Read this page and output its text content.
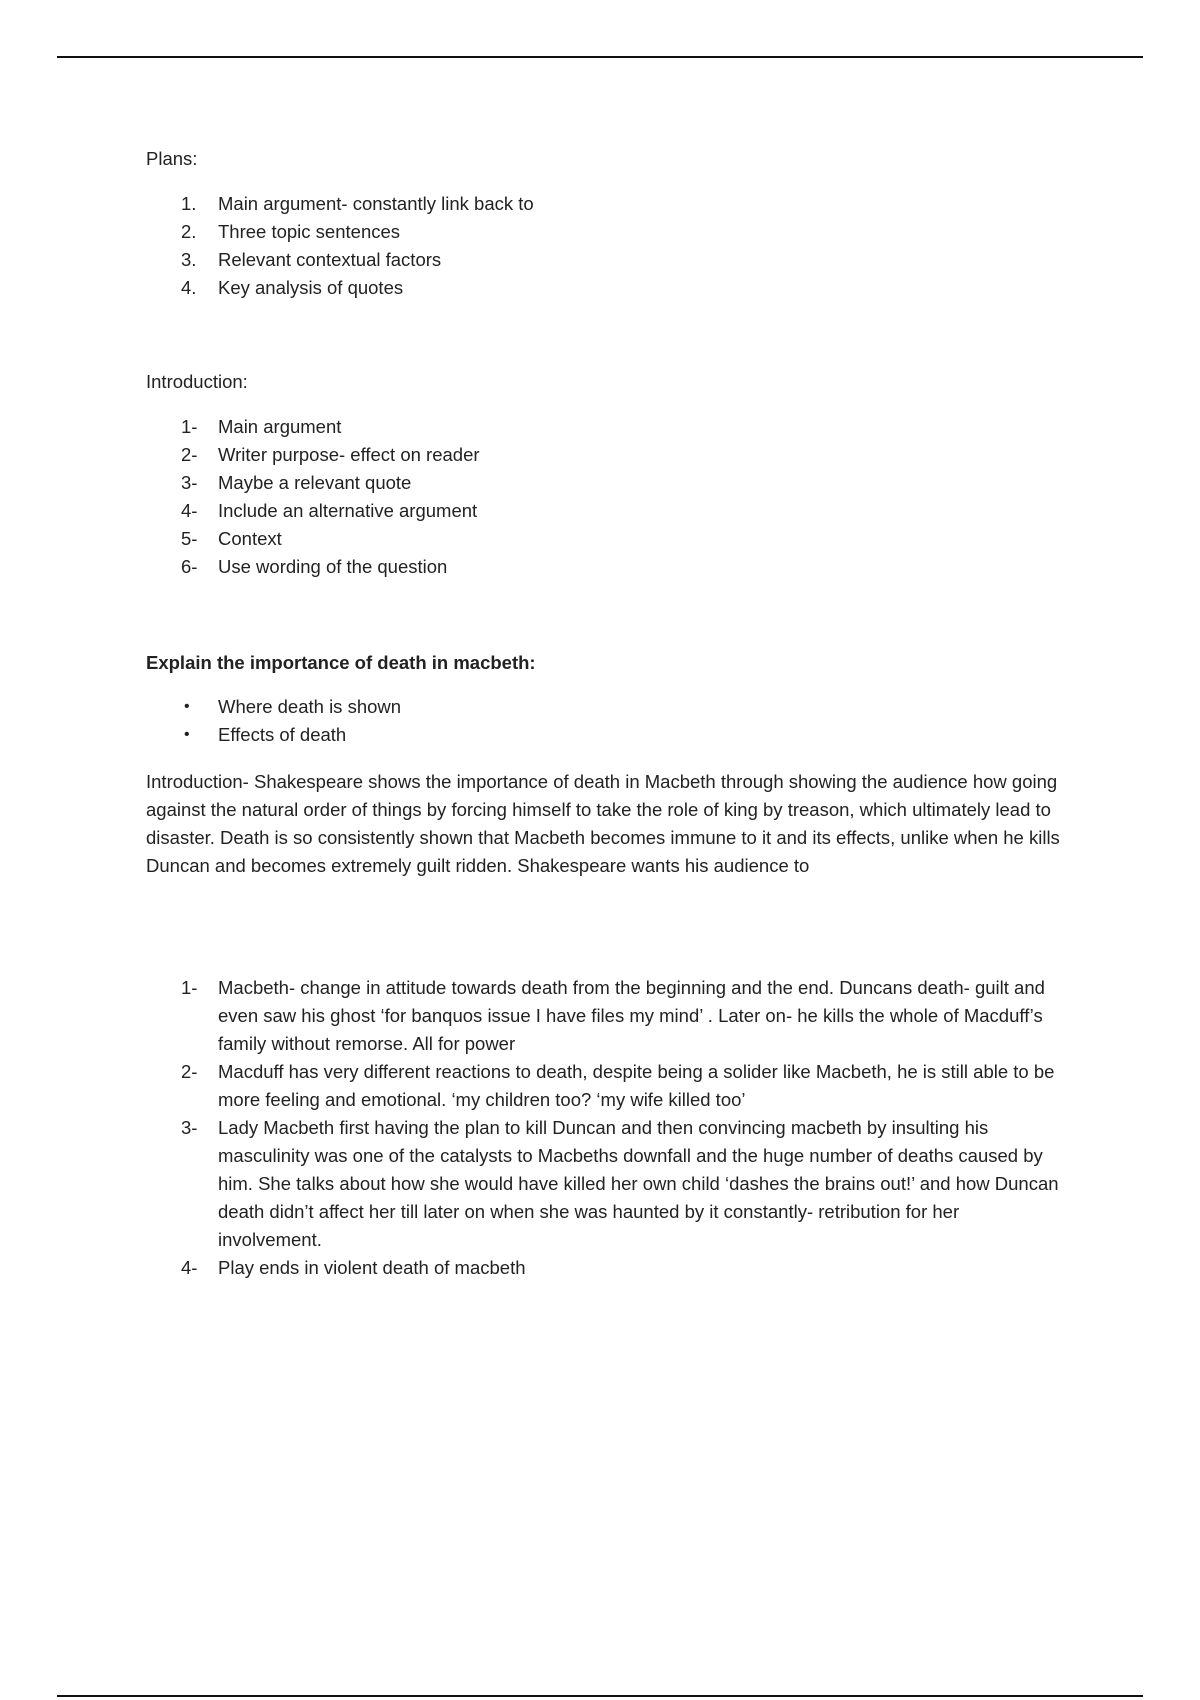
Plans:

1. Main argument- constantly link back to
2. Three topic sentences
3. Relevant contextual factors
4. Key analysis of quotes

Introduction:

1- Main argument
2- Writer purpose- effect on reader
3- Maybe a relevant quote
4- Include an alternative argument
5- Context
6- Use wording of the question

Explain the importance of death in macbeth:

• Where death is shown
• Effects of death

Introduction- Shakespeare shows the importance of death in Macbeth through showing the audience how going against the natural order of things by forcing himself to take the role of king by treason, which ultimately lead to disaster. Death is so consistently shown that Macbeth becomes immune to it and its effects, unlike when he kills Duncan and becomes extremely guilt ridden. Shakespeare wants his audience to

1- Macbeth- change in attitude towards death from the beginning and the end. Duncans death- guilt and even saw his ghost ‘for banquos issue I have files my mind’ . Later on- he kills the whole of Macduff’s family without remorse. All for power
2- Macduff has very different reactions to death, despite being a solider like Macbeth, he is still able to be more feeling and emotional. ‘my children too? ‘my wife killed too’
3- Lady Macbeth first having the plan to kill Duncan and then convincing macbeth by insulting his masculinity was one of the catalysts to Macbeths downfall and the huge number of deaths caused by him. She talks about how she would have killed her own child ‘dashes the brains out!’ and how Duncan death didn’t affect her till later on when she was haunted by it constantly- retribution for her involvement.
4- Play ends in violent death of macbeth
